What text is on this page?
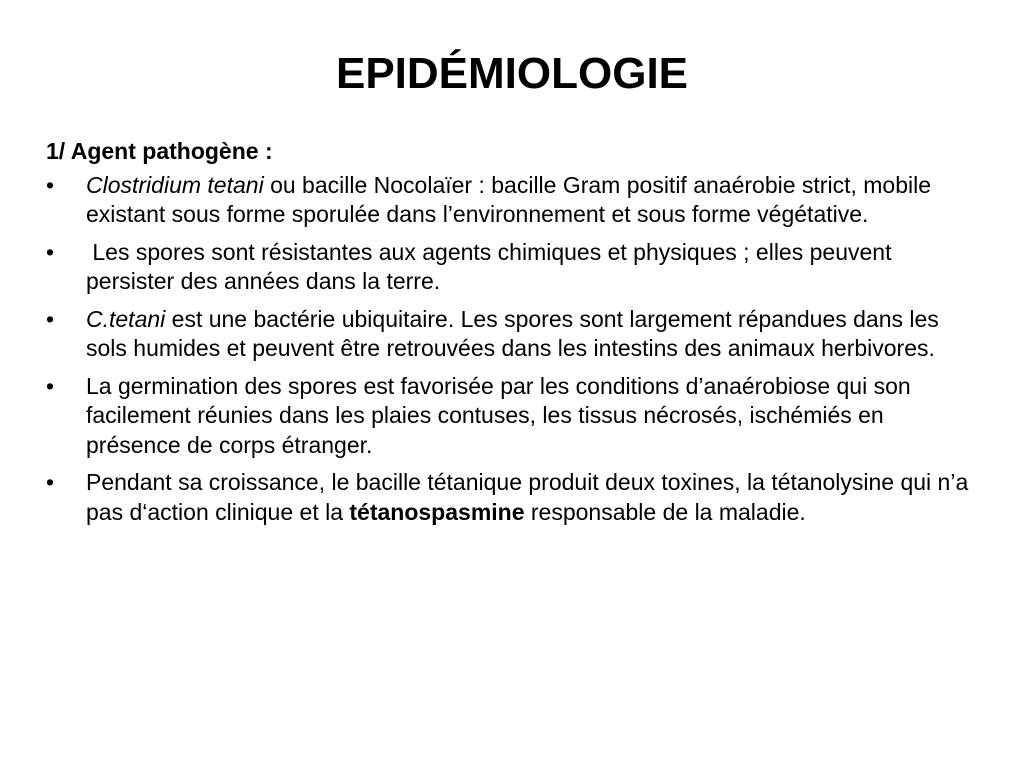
EPIDÉMIOLOGIE
1/ Agent pathogène :
•	Clostridium tetani ou bacille Nocolaïer : bacille Gram positif anaérobie strict, mobile existant sous forme sporulée dans l’environnement et sous forme végétative.
•	Les spores sont résistantes aux agents chimiques et physiques ; elles peuvent persister des années dans la terre.
•	C.tetani est une bactérie ubiquitaire. Les spores sont largement répandues dans les sols humides et peuvent être retrouvées dans les intestins des animaux herbivores.
•	La germination des spores est favorisée par les conditions d’anaérobiose qui son facilement réunies dans les plaies contuses, les tissus nécrosés, ischémiés en présence de corps étranger.
•	Pendant sa croissance, le bacille tétanique produit deux toxines, la tétanolysine qui n’a pas d‘action clinique et la tétanospasmine responsable de la maladie.
